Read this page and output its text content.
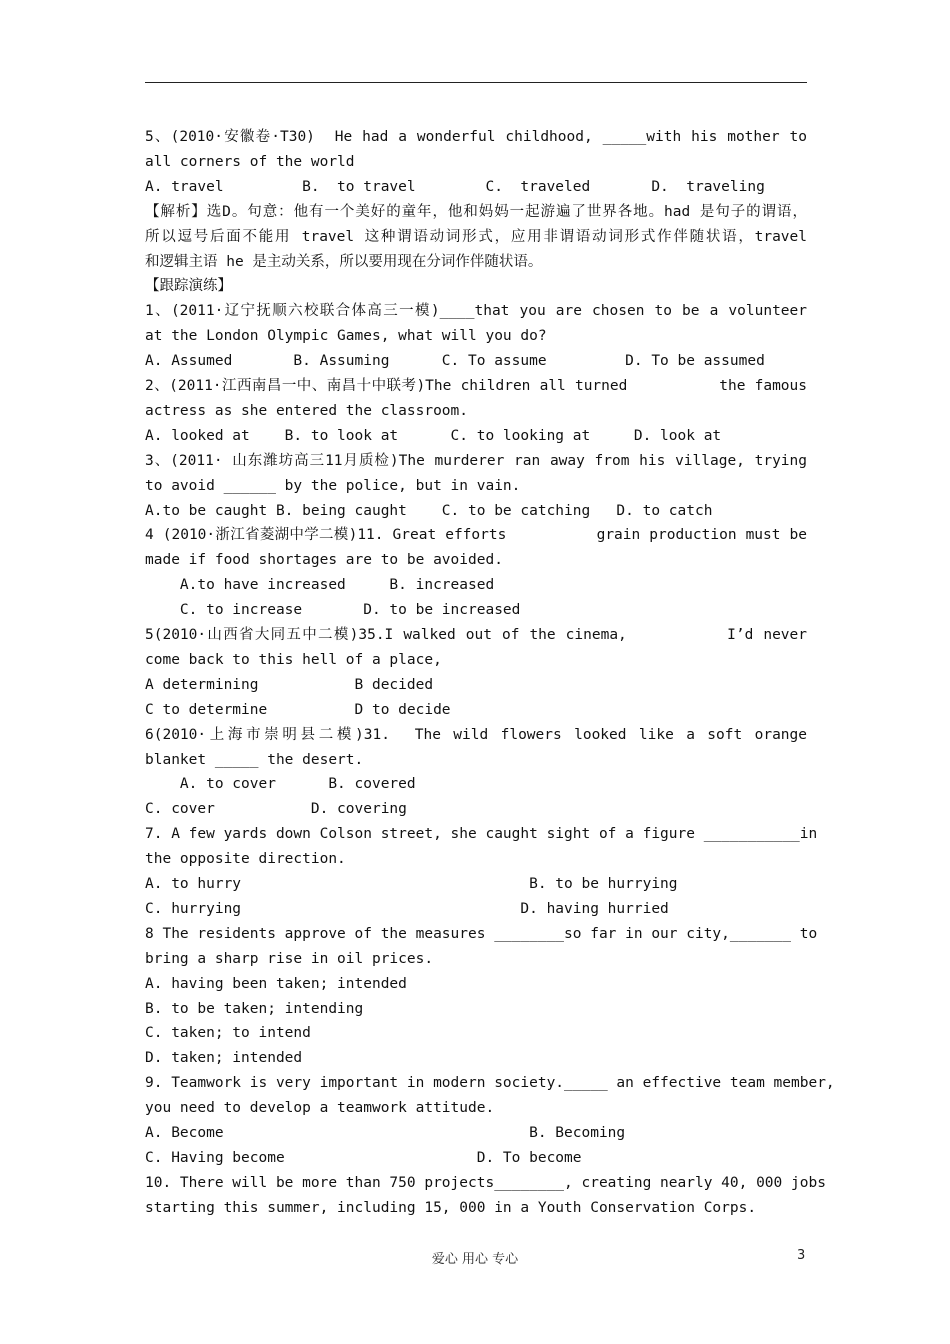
5、(2010·安徽卷·T30)  He had a wonderful childhood, _____with his mother to
all corners of the world
A. travel         B.  to travel        C.  traveled       D.  traveling
【解析】选D。句意：他有一个美好的童年，他和妈妈一起游遍了世界各地。had 是句子的谓语，
所以逗号后面不能用 travel 这种谓语动词形式，应用非谓语动词形式作伴随状语，travel
和逻辑主语 he 是主动关系，所以要用现在分词作伴随状语。
【跟踪演练】
1、(2011·辽宁抚顺六校联合体高三一模)____that you are chosen to be a volunteer
at the London Olympic Games, what will you do?
A. Assumed       B. Assuming      C. To assume         D. To be assumed
2、(2011·江西南昌一中、南昌十中联考)The children all turned          the famous
actress as she entered the classroom.
A. looked at    B. to look at      C. to looking at     D. look at
3、(2011· 山东潍坊高三11月质检)The murderer ran away from his village, trying
to avoid ______ by the police, but in vain.
A.to be caught B. being caught    C. to be catching   D. to catch
4 (2010·浙江省菱湖中学二模)11. Great efforts          grain production must be
made if food shortages are to be avoided.
A.to have increased     B. increased
C. to increase       D. to be increased
5(2010·山西省大同五中二模)35.I walked out of the cinema,          I’d never
come back to this hell of a place,
A determining           B decided
C to determine          D to decide
6(2010·上海市崇明县二模)31.  The wild flowers looked like a soft orange
blanket _____ the desert.
A. to cover      B. covered
C. cover           D. covering
7. A few yards down Colson street, she caught sight of a figure ___________in
the opposite direction.
A. to hurry                                 B. to be hurrying
C. hurrying                                D. having hurried
8 The residents approve of the measures ________so far in our city,_______ to
bring a sharp rise in oil prices.
A. having been taken; intended
B. to be taken; intending
C. taken; to intend
D. taken; intended
9. Teamwork is very important in modern society._____ an effective team member,
you need to develop a teamwork attitude.
A. Become                                   B. Becoming
C. Having become                      D. To become
10. There will be more than 750 projects________, creating nearly 40, 000 jobs
starting this summer, including 15, 000 in a Youth Conservation Corps.
爱心 用心 专心	3
